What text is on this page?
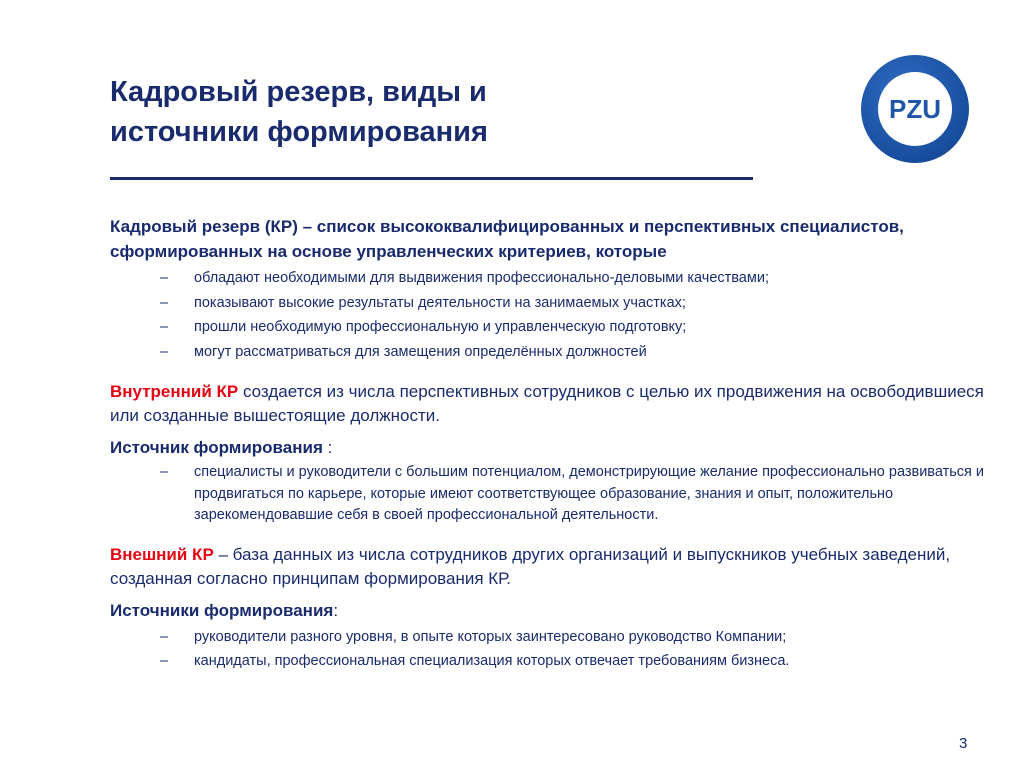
Кадровый резерв, виды и
источники формирования
PZU

Кадровый резерв (КР) – список высококвалифицированных и перспективных специалистов, сформированных на основе управленческих критериев, которые

– обладают необходимыми для выдвижения профессионально-деловыми качествами;
– показывают высокие результаты деятельности на занимаемых участках;
– прошли необходимую профессиональную и управленческую подготовку;
– могут рассматриваться для замещения определённых должностей

Внутренний КР создается из числа перспективных сотрудников с целью их продвижения на освободившиеся или созданные вышестоящие должности.

Источник формирования :

– специалисты и руководители с большим потенциалом, демонстрирующие желание профессионально развиваться и продвигаться по карьере, которые имеют соответствующее образование, знания и опыт, положительно зарекомендовавшие себя в своей профессиональной деятельности.

Внешний КР – база данных из числа сотрудников других организаций и выпускников учебных заведений, созданная согласно принципам формирования КР.

Источники формирования:

– руководители разного уровня, в опыте которых заинтересовано руководство Компании;
– кандидаты, профессиональная специализация которых отвечает требованиям бизнеса.
3
